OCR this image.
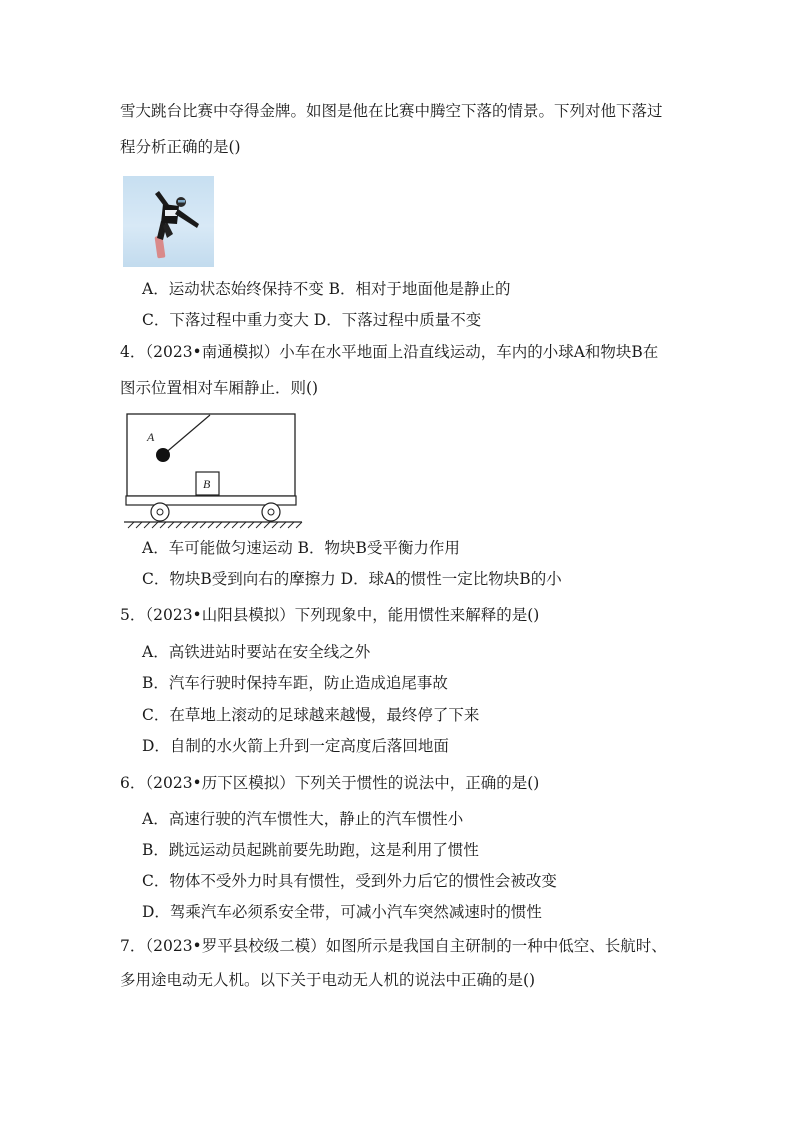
雪大跳台比赛中夺得金牌。如图是他在比赛中腾空下落的情景。下列对他下落过
程分析正确的是()
A．运动状态始终保持不变 B．相对于地面他是静止的
C．下落过程中重力变大 D．下落过程中质量不变
4．（2023•南通模拟）小车在水平地面上沿直线运动，车内的小球A和物块B在
图示位置相对车厢静止．则()
A
B
A．车可能做匀速运动 B．物块B受平衡力作用
C．物块B受到向右的摩擦力 D．球A的惯性一定比物块B的小
5．（2023•山阳县模拟）下列现象中，能用惯性来解释的是()
A．高铁进站时要站在安全线之外
B．汽车行驶时保持车距，防止造成追尾事故
C．在草地上滚动的足球越来越慢，最终停了下来
D．自制的水火箭上升到一定高度后落回地面
6．（2023•历下区模拟）下列关于惯性的说法中，正确的是()
A．高速行驶的汽车惯性大，静止的汽车惯性小
B．跳远运动员起跳前要先助跑，这是利用了惯性
C．物体不受外力时具有惯性，受到外力后它的惯性会被改变
D．驾乘汽车必须系安全带，可减小汽车突然减速时的惯性
7．（2023•罗平县校级二模）如图所示是我国自主研制的一种中低空、长航时、
多用途电动无人机。以下关于电动无人机的说法中正确的是()
